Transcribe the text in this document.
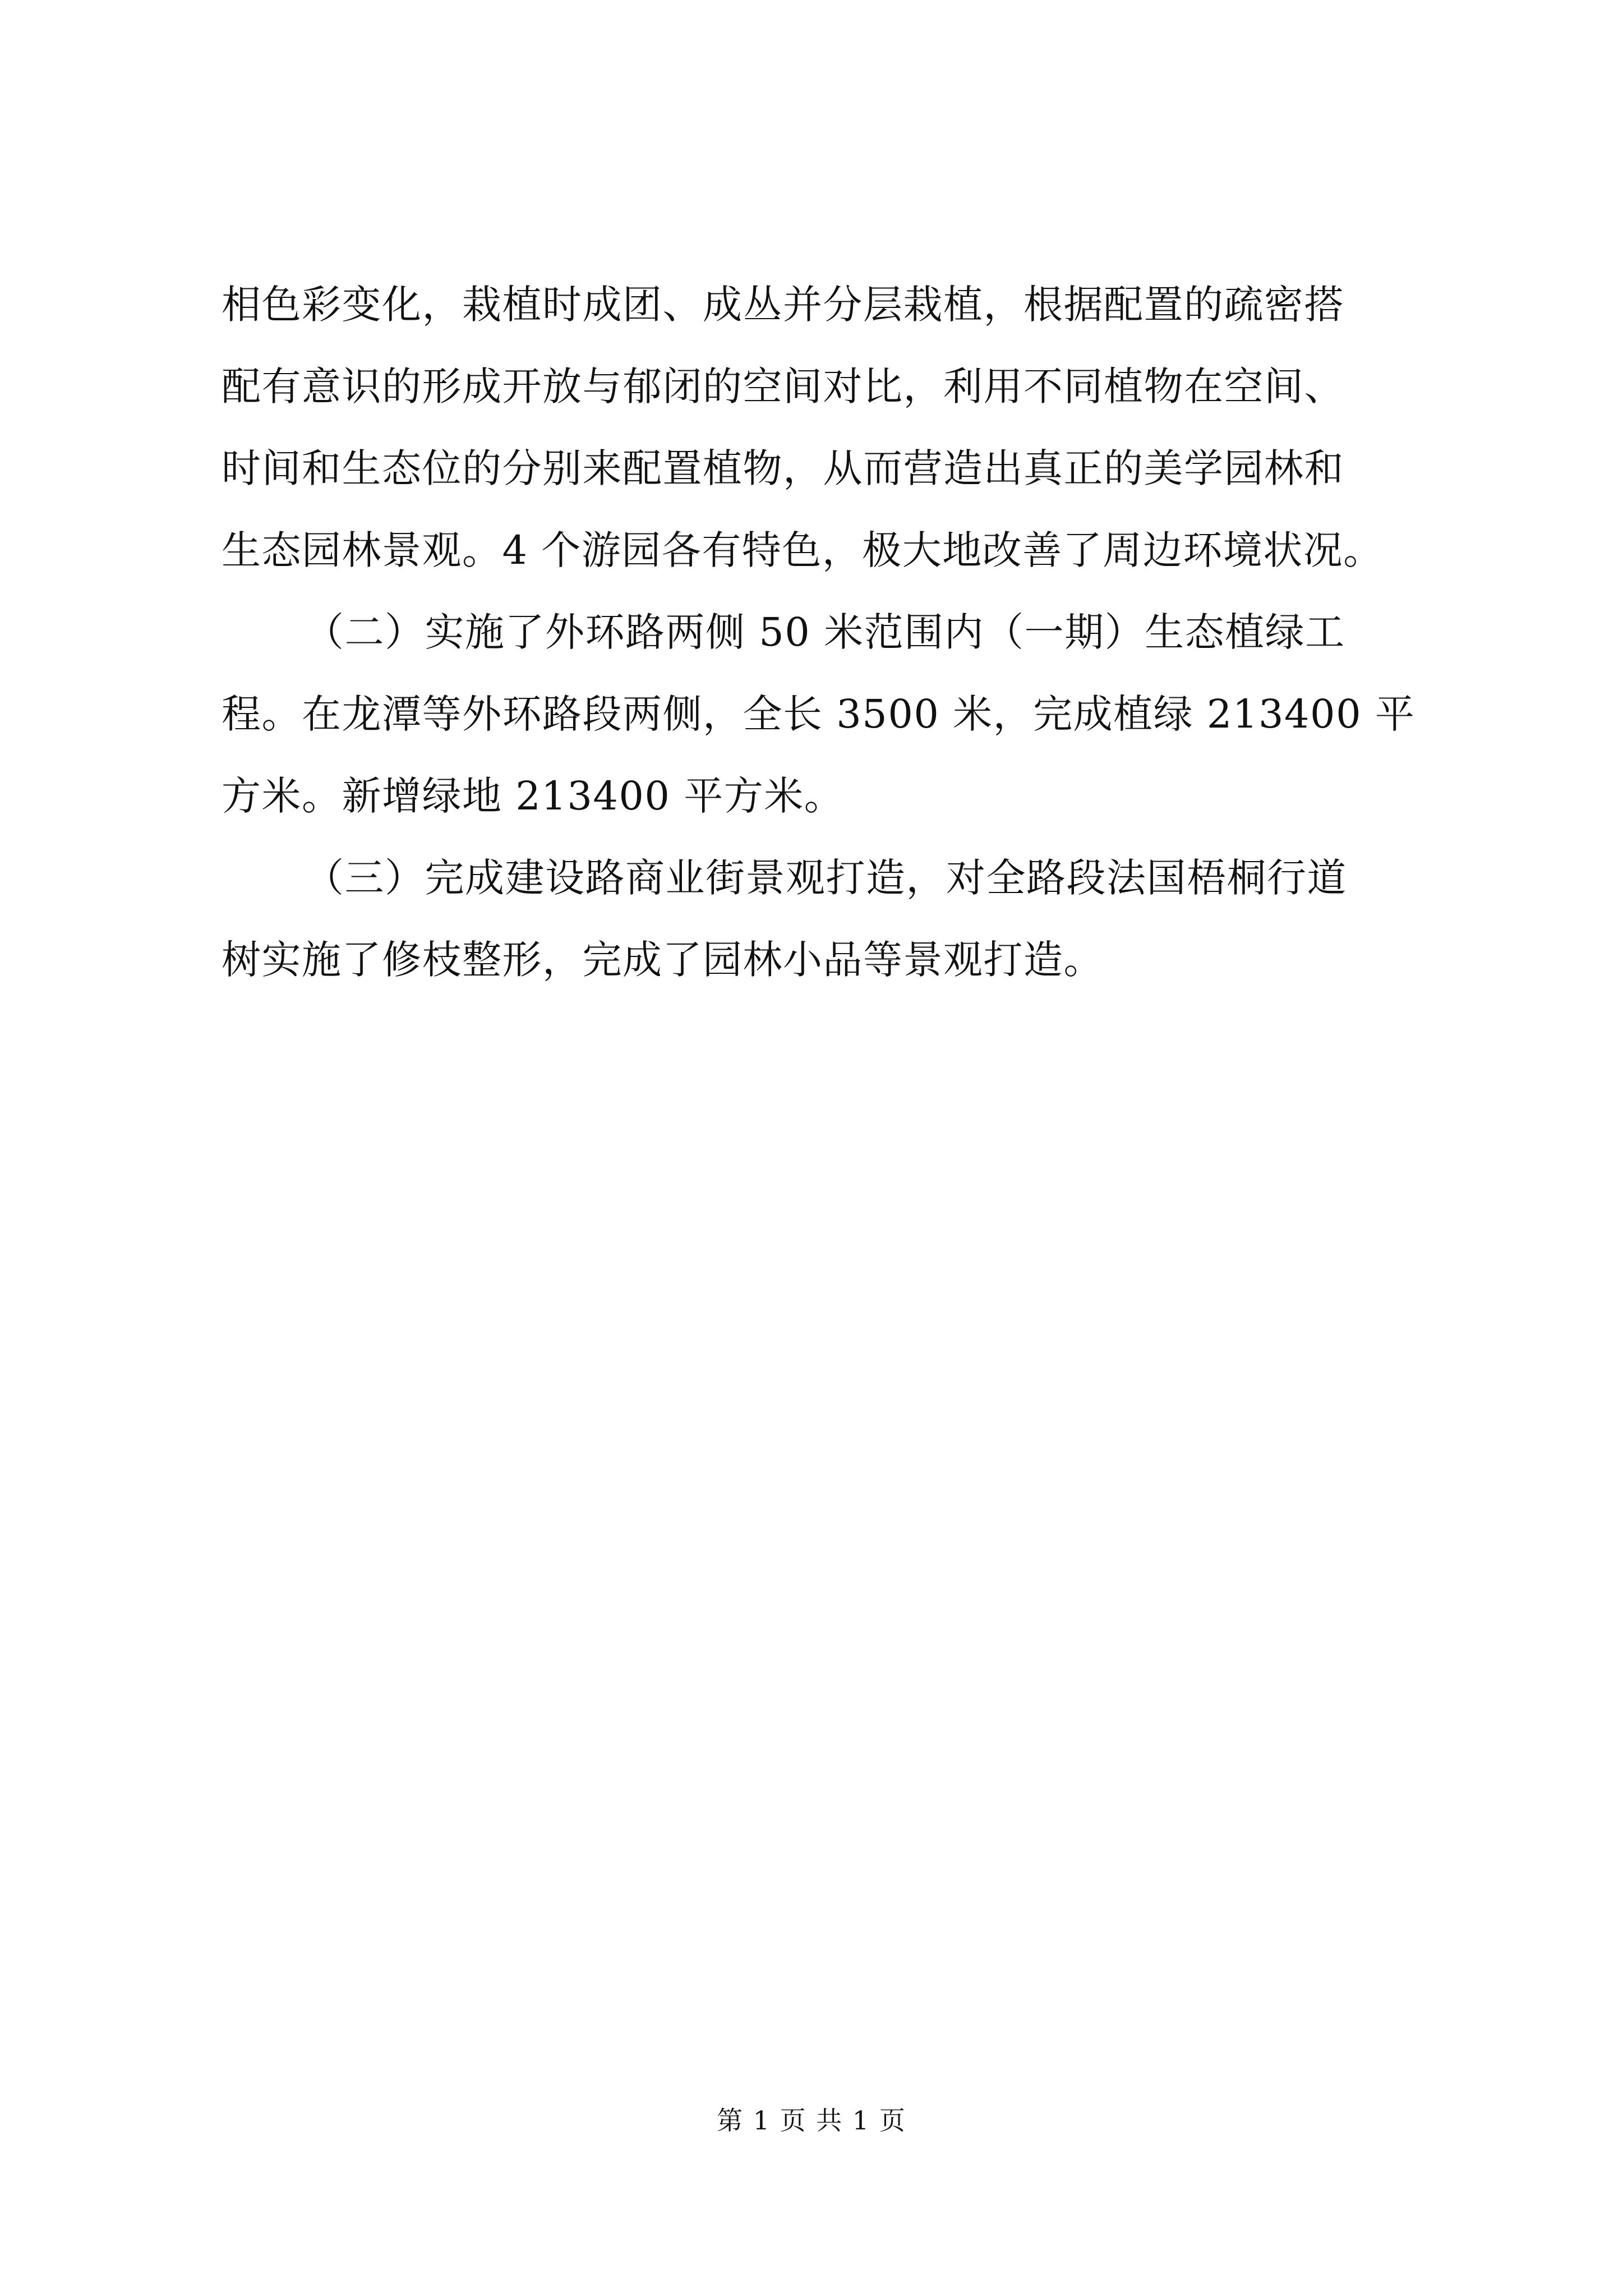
相色彩变化，栽植时成团、成丛并分层栽植，根据配置的疏密搭
配有意识的形成开放与郁闭的空间对比，利用不同植物在空间、
时间和生态位的分别来配置植物，从而营造出真正的美学园林和
生态园林景观。4 个游园各有特色，极大地改善了周边环境状况。
（二）实施了外环路两侧 50 米范围内（一期）生态植绿工
程。在龙潭等外环路段两侧，全长 3500 米，完成植绿 213400 平
方米。新增绿地 213400 平方米。
（三）完成建设路商业街景观打造，对全路段法国梧桐行道
树实施了修枝整形，完成了园林小品等景观打造。
第 1 页 共 1 页
